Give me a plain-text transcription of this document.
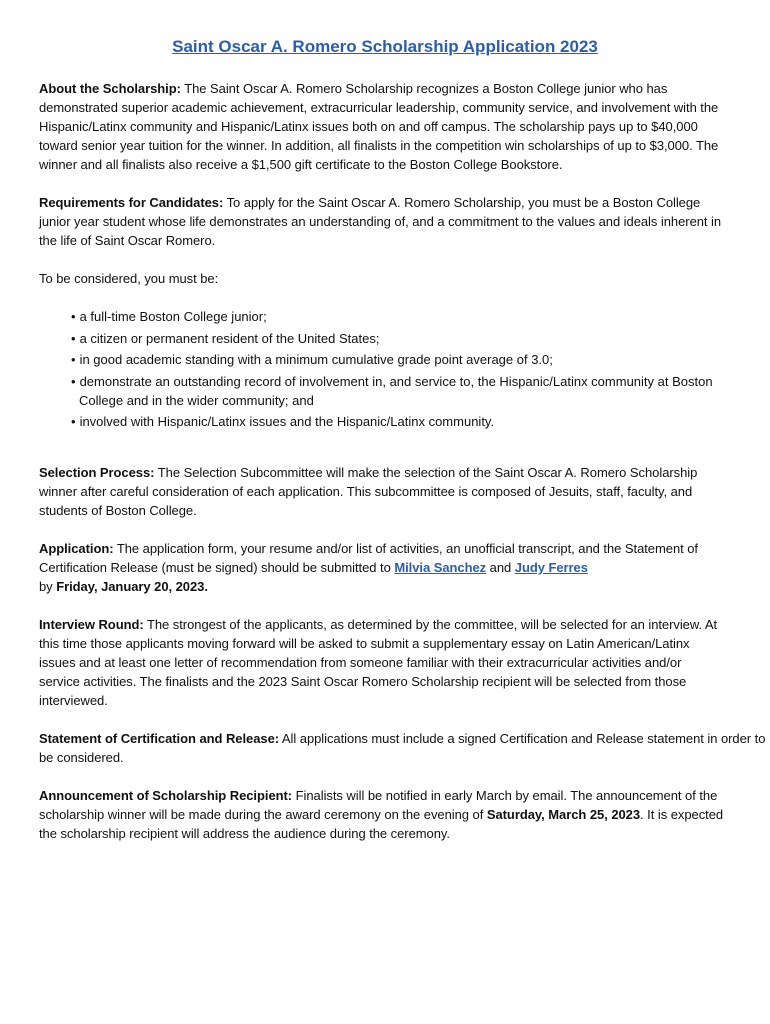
Saint Oscar A. Romero Scholarship Application 2023

About the Scholarship: The Saint Oscar A. Romero Scholarship recognizes a Boston College junior who has demonstrated superior academic achievement, extracurricular leadership, community service, and involvement with the Hispanic/Latinx community and Hispanic/Latinx issues both on and off campus. The scholarship pays up to $40,000 toward senior year tuition for the winner. In addition, all finalists in the competition win scholarships of up to $3,000. The winner and all finalists also receive a $1,500 gift certificate to the Boston College Bookstore.

Requirements for Candidates: To apply for the Saint Oscar A. Romero Scholarship, you must be a Boston College junior year student whose life demonstrates an understanding of, and a commitment to the values and ideals inherent in the life of Saint Oscar Romero.

To be considered, you must be:

• a full-time Boston College junior;
• a citizen or permanent resident of the United States;
• in good academic standing with a minimum cumulative grade point average of 3.0;
• demonstrate an outstanding record of involvement in, and service to, the Hispanic/Latinx community at Boston College and in the wider community; and
• involved with Hispanic/Latinx issues and the Hispanic/Latinx community.

Selection Process: The Selection Subcommittee will make the selection of the Saint Oscar A. Romero Scholarship winner after careful consideration of each application. This subcommittee is composed of Jesuits, staff, faculty, and students of Boston College.

Application: The application form, your resume and/or list of activities, an unofficial transcript, and the Statement of Certification Release (must be signed) should be submitted to Milvia Sanchez and Judy Ferres
by Friday, January 20, 2023.

Interview Round: The strongest of the applicants, as determined by the committee, will be selected for an interview. At this time those applicants moving forward will be asked to submit a supplementary essay on Latin American/Latinx issues and at least one letter of recommendation from someone familiar with their extracurricular activities and/or service activities. The finalists and the 2023 Saint Oscar Romero Scholarship recipient will be selected from those interviewed.

Statement of Certification and Release: All applications must include a signed Certification and Release statement in order to be considered.

Announcement of Scholarship Recipient: Finalists will be notified in early March by email. The announcement of the scholarship winner will be made during the award ceremony on the evening of Saturday, March 25, 2023. It is expected the scholarship recipient will address the audience during the ceremony.
